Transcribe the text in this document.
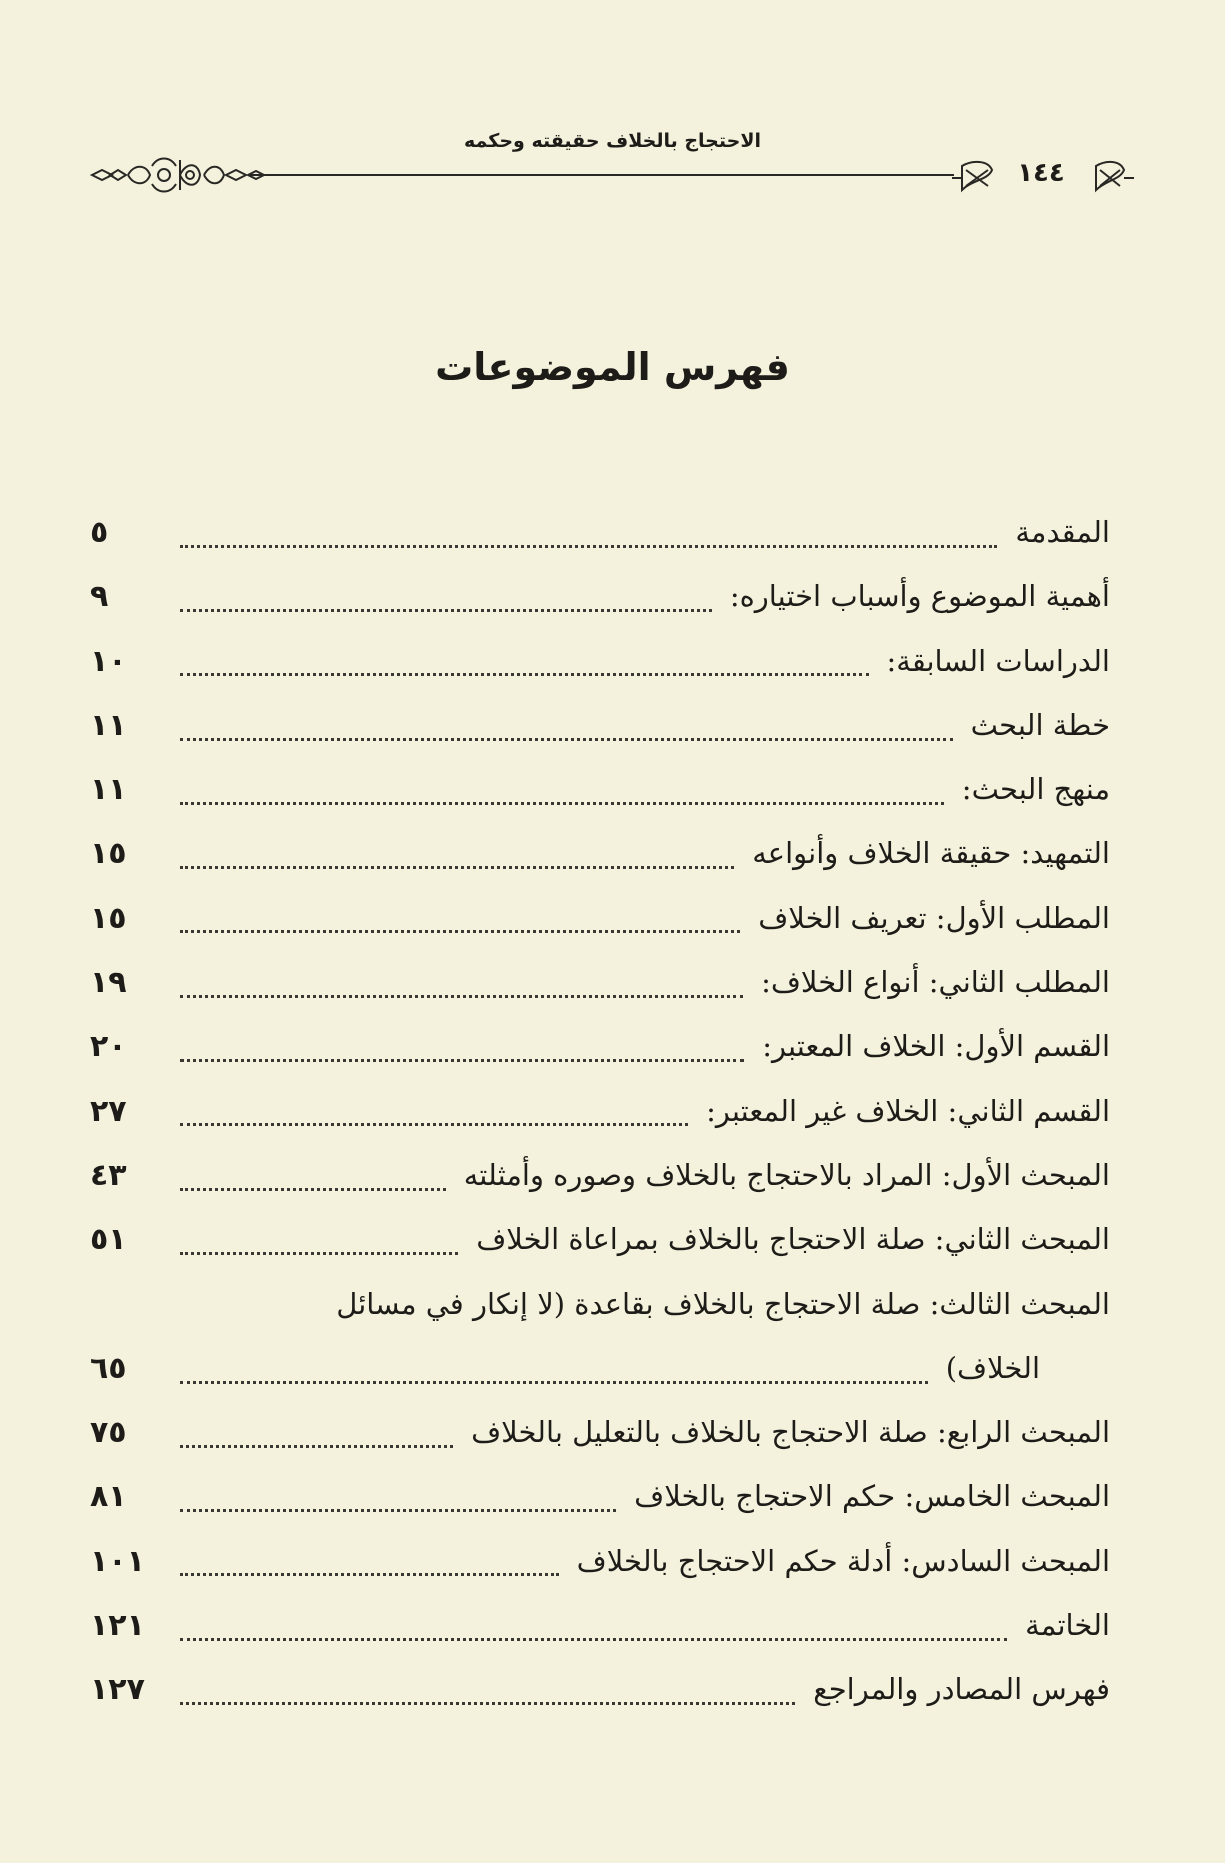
الاحتجاج بالخلاف حقيقته وحكمه
١٤٤
فهرس الموضوعات
المقدمة
٥
أهمية الموضوع وأسباب اختياره:
٩
الدراسات السابقة:
١٠
خطة البحث
١١
منهج البحث:
١١
التمهيد: حقيقة الخلاف وأنواعه
١٥
المطلب الأول: تعريف الخلاف
١٥
المطلب الثاني: أنواع الخلاف:
١٩
القسم الأول: الخلاف المعتبر:
٢٠
القسم الثاني: الخلاف غير المعتبر:
٢٧
المبحث الأول: المراد بالاحتجاج بالخلاف وصوره وأمثلته
٤٣
المبحث الثاني: صلة الاحتجاج بالخلاف بمراعاة الخلاف
٥١
المبحث الثالث: صلة الاحتجاج بالخلاف بقاعدة (لا إنكار في مسائل
الخلاف)
٦٥
المبحث الرابع: صلة الاحتجاج بالخلاف بالتعليل بالخلاف
٧٥
المبحث الخامس: حكم الاحتجاج بالخلاف
٨١
المبحث السادس: أدلة حكم الاحتجاج بالخلاف
١٠١
الخاتمة
١٢١
فهرس المصادر والمراجع
١٢٧
